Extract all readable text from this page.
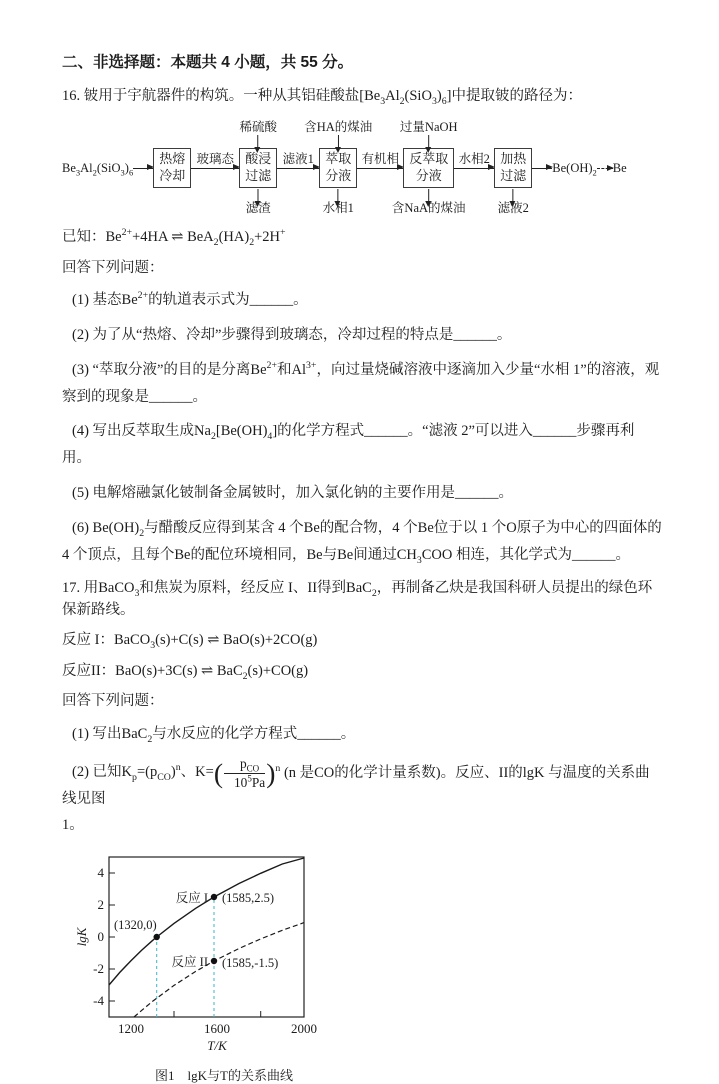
二、非选择题：本题共 4 小题，共 55 分。

16. 铍用于宇航器件的构筑。一种从其铝硅酸盐$[Be_3Al_2(SiO_3)_6]$中提取铍的路径为：

$Be_3Al_2(SiO_3)_6$
热熔
冷却
玻璃态
稀硫酸
酸浸
过滤
滤渣
滤液1
含HA的煤油
萃取
分液
水相1
有机相
过量NaOH
反萃取
分液
含NaA的煤油
水相2 加热
过滤
滤液2
$Be(OH)_2$ Be

已知：$Be^{2+}+4HA$ ⇌ $BeA_2(HA)_2+2H^+$

回答下列问题：

(1) 基态$Be^{2+}$的轨道表示式为______。

(2) 为了从“热熔、冷却”步骤得到玻璃态，冷却过程的特点是______。

(3) “萃取分液”的目的是分离$Be^{2+}$和$Al^{3+}$，向过量烧碱溶液中逐滴加入少量“水相 1”的溶液，观察到的现象是______。

(4) 写出反萃取生成$Na_2[Be(OH)_4]$的化学方程式______。“滤液 2”可以进入______步骤再利用。

(5) 电解熔融氯化铍制备金属铍时，加入氯化钠的主要作用是______。

(6) $Be(OH)_2$与醋酸反应得到某含 4 个Be的配合物，4 个Be位于以 1 个O原子为中心的四面体的 4 个顶点，且每个Be的配位环境相同，Be与Be间通过$CH_3COO$ 相连，其化学式为______。

17. 用BaCO$_3$和焦炭为原料，经反应 I、II得到BaC$_2$，再制备乙炔是我国科研人员提出的绿色环保新路线。

反应 I：BaCO$_3$(s)+C(s) ⇌ BaO(s)+2CO(g)

反应II：BaO(s)+3C(s) ⇌ BaC$_2$(s)+CO(g)

回答下列问题：

(1) 写出BaC$_2$与水反应的化学方程式______。

(2) 已知$K_p=(p_{CO})^n$、$K=( \frac{p_{CO}}{10^5Pa} )^n$ (n 是CO的化学计量系数)。反应、II的lgK 与温度的关系曲线见图

1。

4
2
0
-2
-4
1200	1600	2000
T/K
lgK
反应 I (1585,2.5)
(1320,0)
反应 II (1585,-1.5)
图1　lgK与T的关系曲线
